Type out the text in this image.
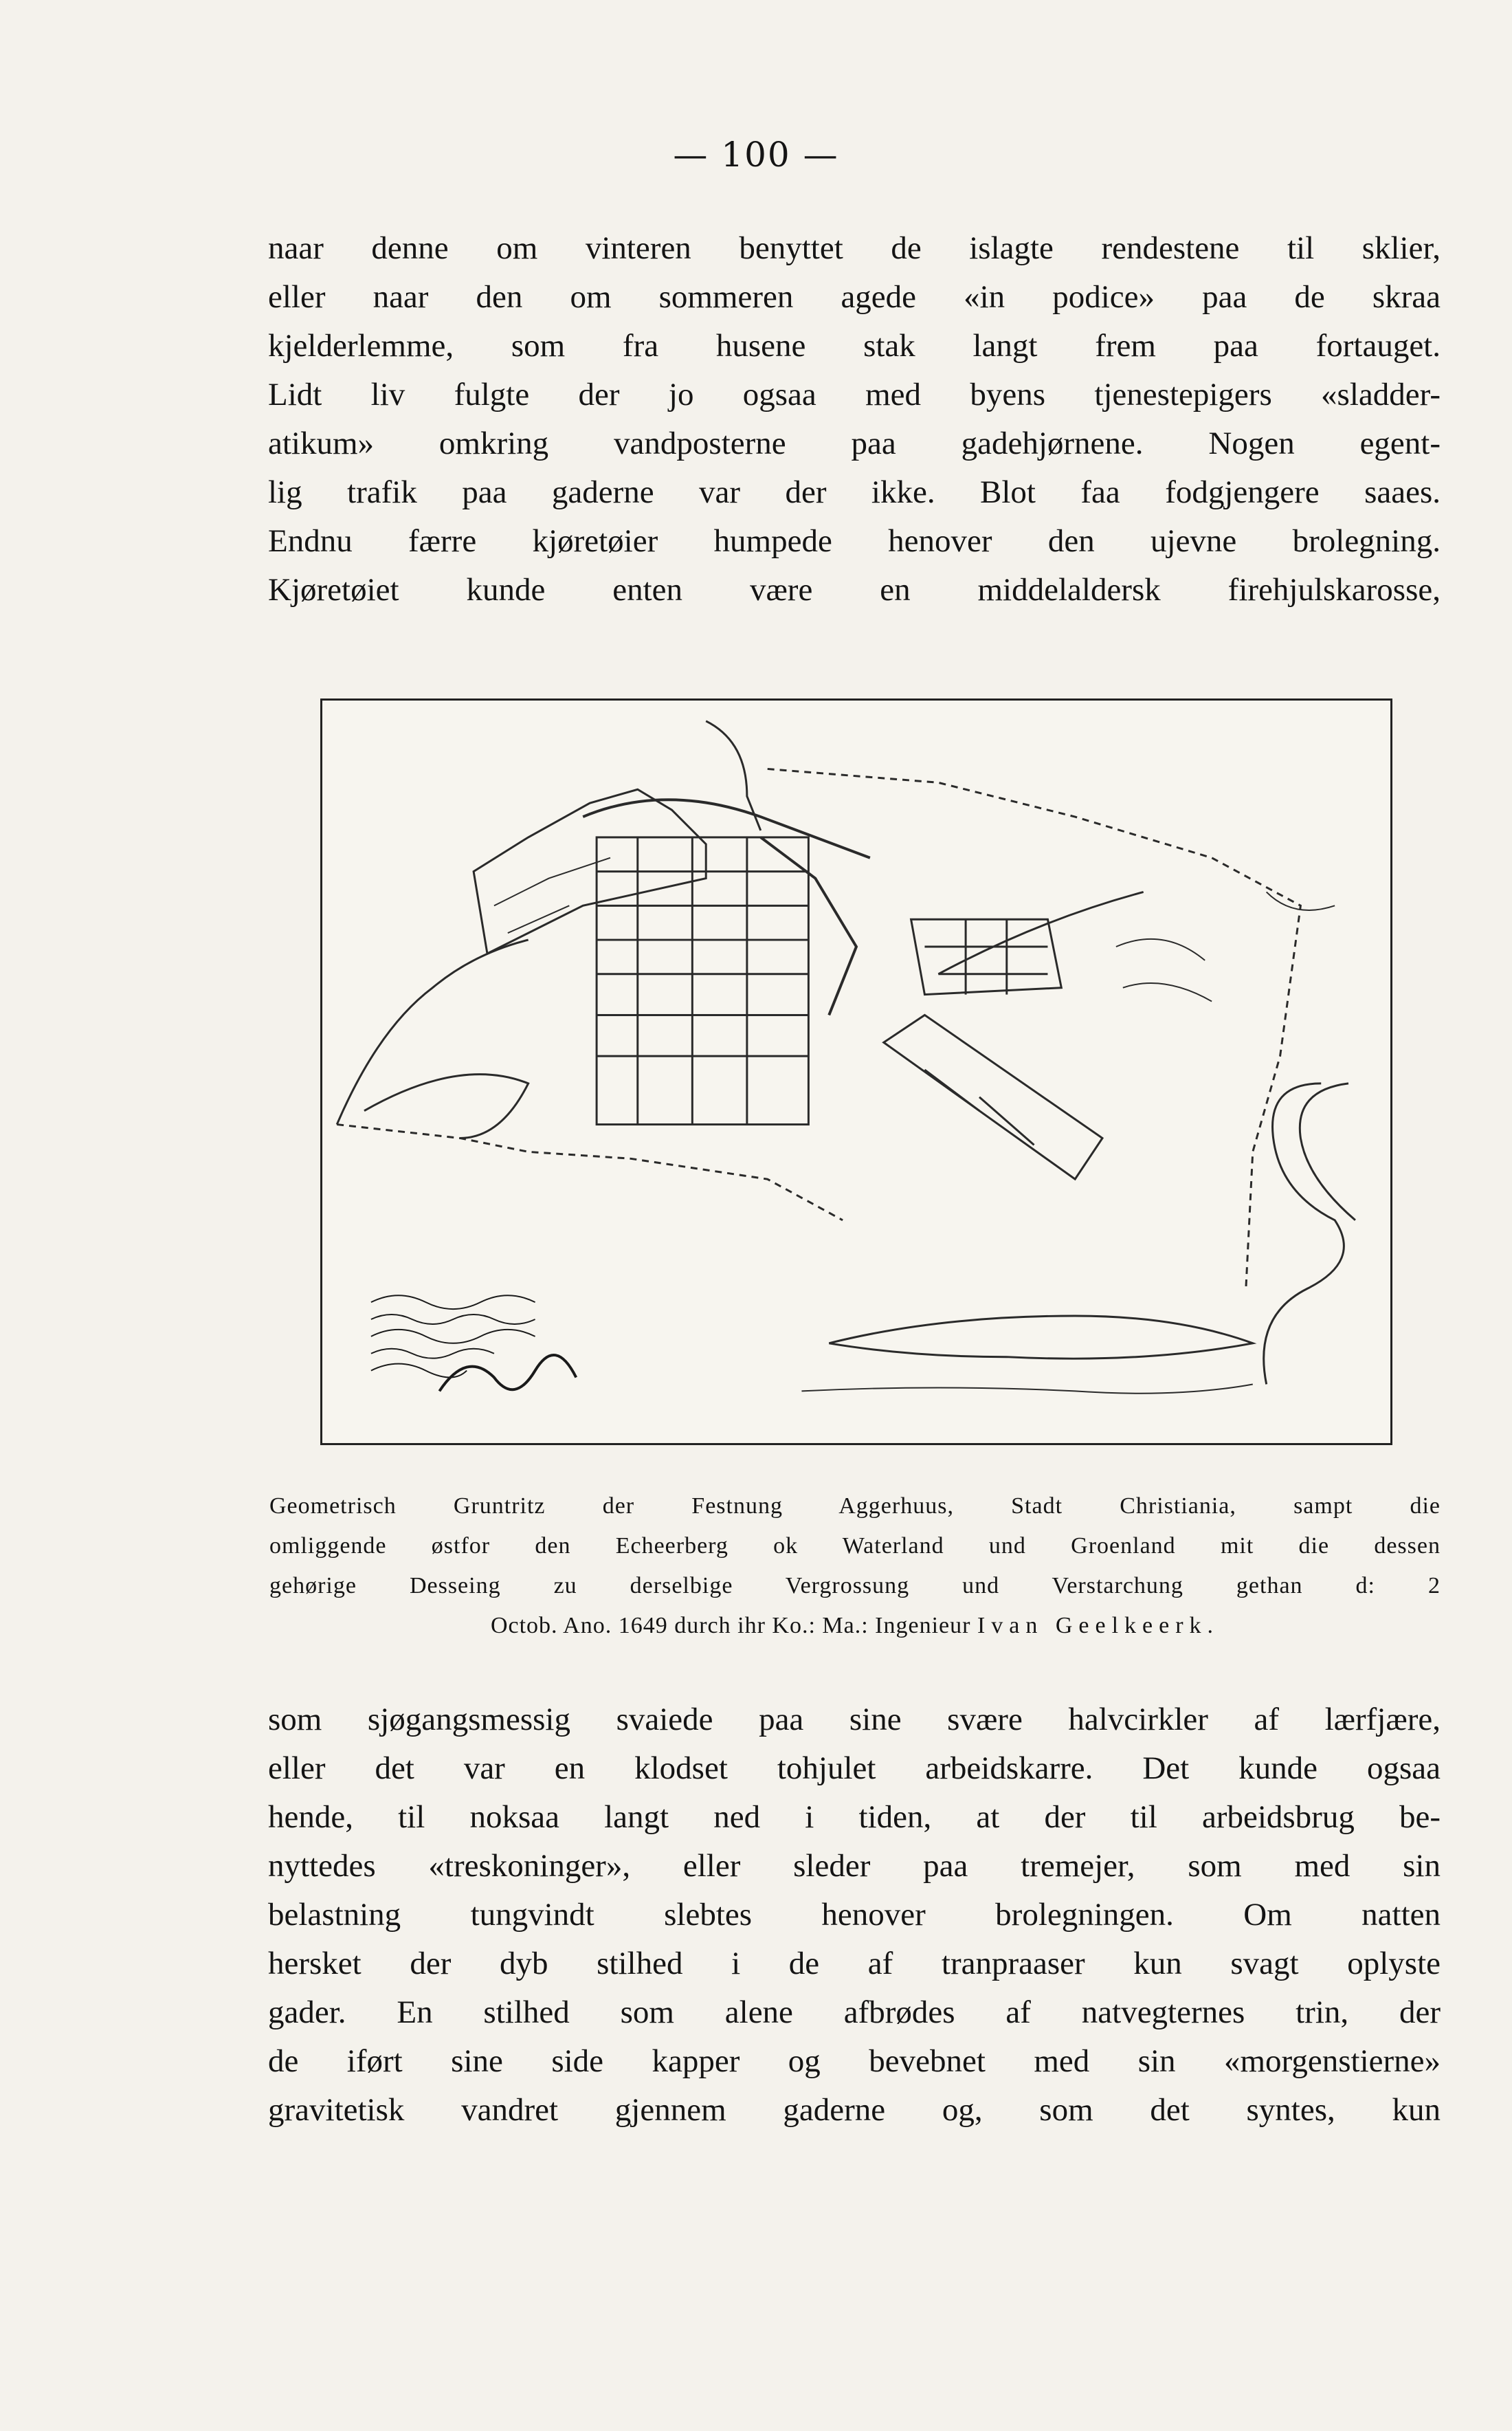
— 100 —
naar denne om vinteren benyttet de islagte rendestene til sklier,
eller naar den om sommeren agede «in podice» paa de skraa
kjelderlemme, som fra husene stak langt frem paa fortauget.
Lidt liv fulgte der jo ogsaa med byens tjenestepigers «sladder-
atikum» omkring vandposterne paa gadehjørnene. Nogen egent-
lig trafik paa gaderne var der ikke. Blot faa fodgjengere saaes.
Endnu færre kjøretøier humpede henover den ujevne brolegning.
Kjøretøiet kunde enten være en middelaldersk firehjulskarosse,
Geometrisch Gruntritz der Festnung Aggerhuus, Stadt Christiania, sampt die
omliggende østfor den Echeerberg ok Waterland und Groenland mit die dessen
gehørige Desseing zu derselbige Vergrossung und Verstarchung gethan d: 2
Octob. Ano. 1649 durch ihr Ko.: Ma.: Ingenieur Ivan Geelkeerk.
som sjøgangsmessig svaiede paa sine svære halvcirkler af lærfjære,
eller det var en klodset tohjulet arbeidskarre. Det kunde ogsaa
hende, til noksaa langt ned i tiden, at der til arbeidsbrug be-
nyttedes «treskoninger», eller sleder paa tremejer, som med sin
belastning tungvindt slebtes henover brolegningen. Om natten
hersket der dyb stilhed i de af tranpraaser kun svagt oplyste
gader. En stilhed som alene afbrødes af natvegternes trin, der
de iført sine side kapper og bevebnet med sin «morgenstierne»
gravitetisk vandret gjennem gaderne og, som det syntes, kun
